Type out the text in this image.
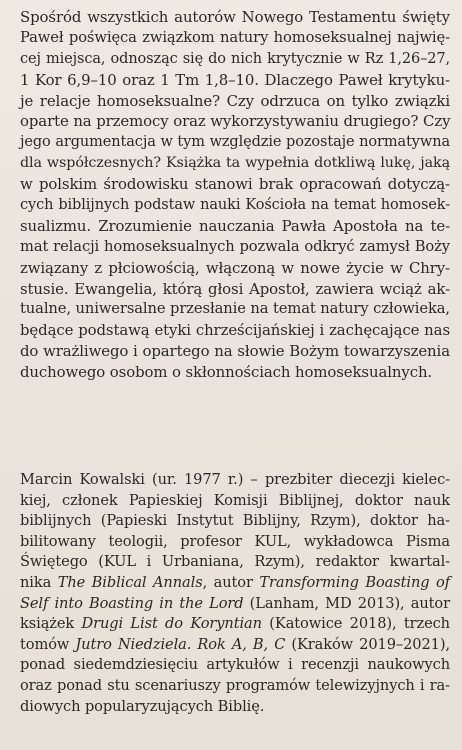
Spośród wszystkich autorów Nowego Testamentu święty
Paweł poświęca związkom natury homoseksualnej najwię-
cej miejsca, odnosząc się do nich krytycznie w Rz 1,26–27,
1 Kor 6,9–10 oraz 1 Tm 1,8–10. Dlaczego Paweł krytyku-
je relacje homoseksualne? Czy odrzuca on tylko związki
oparte na przemocy oraz wykorzystywaniu drugiego? Czy
jego argumentacja w tym względzie pozostaje normatywna
dla współczesnych? Książka ta wypełnia dotkliwą lukę, jaką
w polskim środowisku stanowi brak opracowań dotyczą-
cych biblijnych podstaw nauki Kościoła na temat homosek-
sualizmu. Zrozumienie nauczania Pawła Apostoła na te-
mat relacji homoseksualnych pozwala odkryć zamysł Boży
związany z płciowością, włączoną w nowe życie w Chry-
stusie. Ewangelia, którą głosi Apostoł, zawiera wciąż ak-
tualne, uniwersalne przesłanie na temat natury człowieka,
będące podstawą etyki chrześcijańskiej i zachęcające nas
do wrażliwego i opartego na słowie Bożym towarzyszenia
duchowego osobom o skłonnościach homoseksualnych.
Marcin Kowalski (ur. 1977 r.) – prezbiter diecezji kielec-
kiej, członek Papieskiej Komisji Biblijnej, doktor nauk
biblijnych (Papieski Instytut Biblijny, Rzym), doktor ha-
bilitowany teologii, profesor KUL, wykładowca Pisma
Świętego (KUL i Urbaniana, Rzym), redaktor kwartal-
nika The Biblical Annals, autor Transforming Boasting of
Self into Boasting in the Lord (Lanham, MD 2013), autor
książek Drugi List do Koryntian (Katowice 2018), trzech
tomów Jutro Niedziela. Rok A, B, C (Kraków 2019–2021),
ponad siedemdziesięciu artykułów i recenzji naukowych
oraz ponad stu scenariuszy programów telewizyjnych i ra-
diowych popularyzujących Biblię.
